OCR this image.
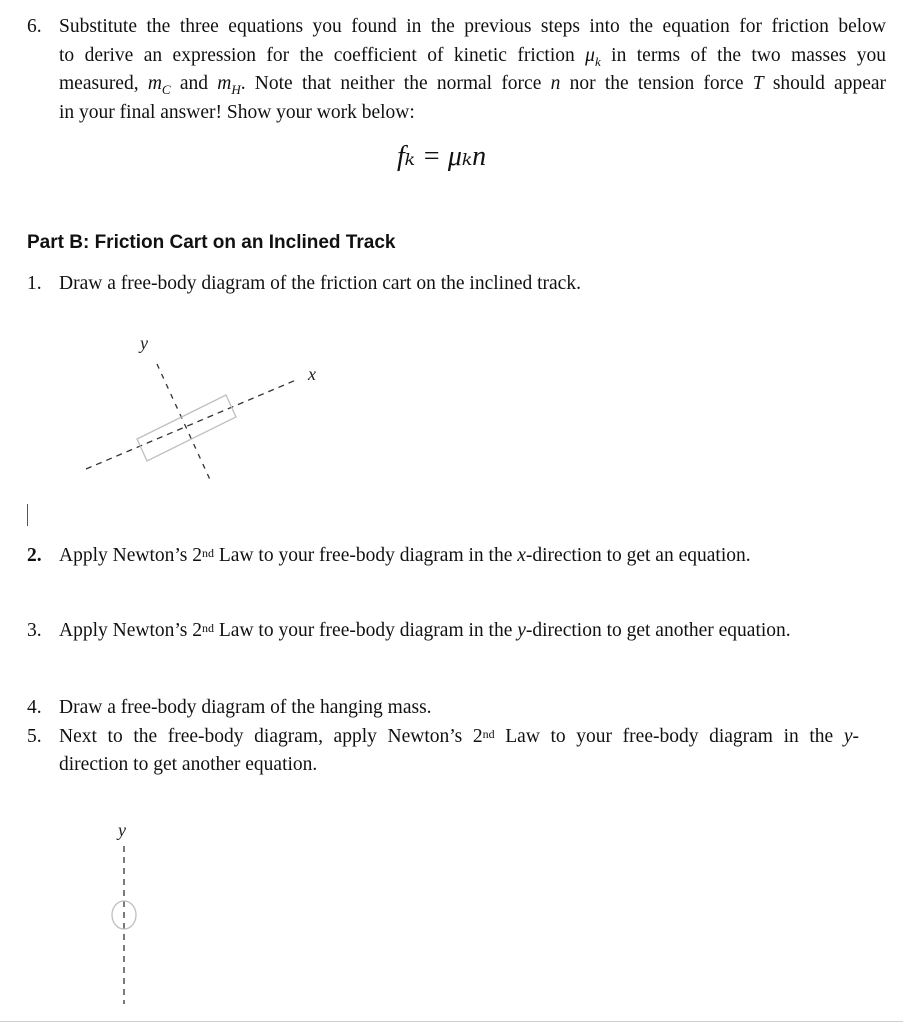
6. Substitute the three equations you found in the previous steps into the equation for friction below
to derive an expression for the coefficient of kinetic friction $\mu_k$ in terms of the two masses you
measured, $m_C$ and $m_H$. Note that neither the normal force n nor the tension force T should appear
in your final answer! Show your work below:
fₖ = μₖn
Part B: Friction Cart on an Inclined Track
1. Draw a free-body diagram of the friction cart on the inclined track.
y
x
2. Apply Newton’s 2nd Law to your free-body diagram in the x-direction to get an equation.
3. Apply Newton’s 2nd Law to your free-body diagram in the y-direction to get another equation.
4. Draw a free-body diagram of the hanging mass.
5. Next to the free-body diagram, apply Newton’s 2nd Law to your free-body diagram in the y-
direction to get another equation.
y
